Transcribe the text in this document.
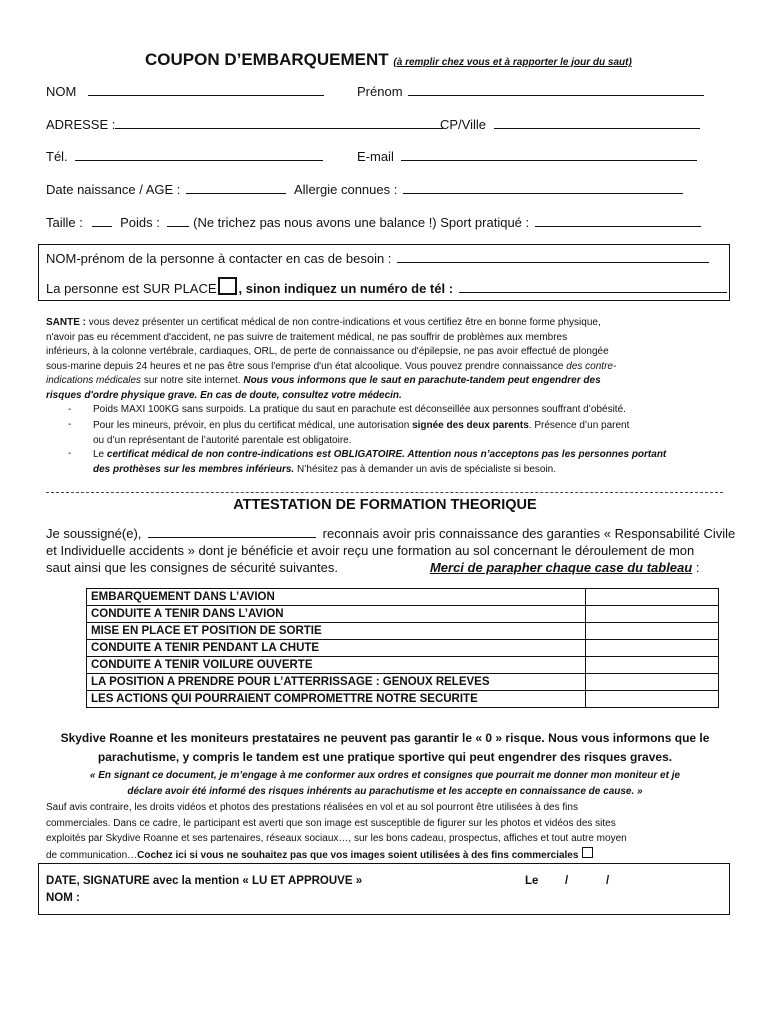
COUPON D’EMBARQUEMENT (à remplir chez vous et à rapporter le jour du saut)
NOM	Prénom
ADRESSE :	CP/Ville
Tél.	E-mail
Date naissance / AGE :	Allergie connues :
Taille :	Poids :	(Ne trichez pas nous avons une balance !) Sport pratiqué :
NOM-prénom de la personne à contacter en cas de besoin :
La personne est SUR PLACE , sinon indiquez un numéro de tél :
SANTE : vous devez présenter un certificat médical de non contre-indications et vous certifiez être en bonne forme physique,
n'avoir pas eu récemment d'accident, ne pas suivre de traitement médical, ne pas souffrir de problèmes aux membres
inférieurs, à la colonne vertébrale, cardiaques, ORL, de perte de connaissance ou d'épilepsie, ne pas avoir effectué de plongée
sous-marine depuis 24 heures et ne pas être sous l'emprise d'un état alcoolique. Vous pouvez prendre connaissance des contre-
indications médicales sur notre site internet. Nous vous informons que le saut en parachute-tandem peut engendrer des
risques d'ordre physique grave. En cas de doute, consultez votre médecin.
- Poids MAXI 100KG sans surpoids. La pratique du saut en parachute est déconseillée aux personnes souffrant d’obésité.
- Pour les mineurs, prévoir, en plus du certificat médical, une autorisation signée des deux parents. Présence d’un parent
ou d’un représentant de l’autorité parentale est obligatoire.
- Le certificat médical de non contre-indications est OBLIGATOIRE. Attention nous n’acceptons pas les personnes portant
des prothèses sur les membres inférieurs. N’hésitez pas à demander un avis de spécialiste si besoin.
ATTESTATION DE FORMATION THEORIQUE
Je soussigné(e),	reconnais avoir pris connaissance des garanties « Responsabilité Civile
et Individuelle accidents » dont je bénéficie et avoir reçu une formation au sol concernant le déroulement de mon
saut ainsi que les consignes de sécurité suivantes.	Merci de parapher chaque case du tableau :
EMBARQUEMENT DANS L’AVION	
CONDUITE A TENIR DANS L’AVION	
MISE EN PLACE ET POSITION DE SORTIE	
CONDUITE A TENIR PENDANT LA CHUTE	
CONDUITE A TENIR VOILURE OUVERTE	
LA POSITION A PRENDRE POUR L’ATTERRISSAGE : GENOUX RELEVES	
LES ACTIONS QUI POURRAIENT COMPROMETTRE NOTRE SECURITE	
Skydive Roanne et les moniteurs prestataires ne peuvent pas garantir le « 0 » risque. Nous vous informons que le
parachutisme, y compris le tandem est une pratique sportive qui peut engendrer des risques graves.
« En signant ce document, je m’engage à me conformer aux ordres et consignes que pourrait me donner mon moniteur et je
déclare avoir été informé des risques inhérents au parachutisme et les accepte en connaissance de cause. »
Sauf avis contraire, les droits vidéos et photos des prestations réalisées en vol et au sol pourront être utilisées à des fins
commerciales. Dans ce cadre, le participant est averti que son image est susceptible de figurer sur les photos et vidéos des sites
exploités par Skydive Roanne et ses partenaires, réseaux sociaux…, sur les bons cadeau, prospectus, affiches et tout autre moyen
de communication…Cochez ici si vous ne souhaitez pas que vos images soient utilisées à des fins commerciales
DATE, SIGNATURE avec la mention « LU ET APPROUVE »	Le /	/
NOM :
